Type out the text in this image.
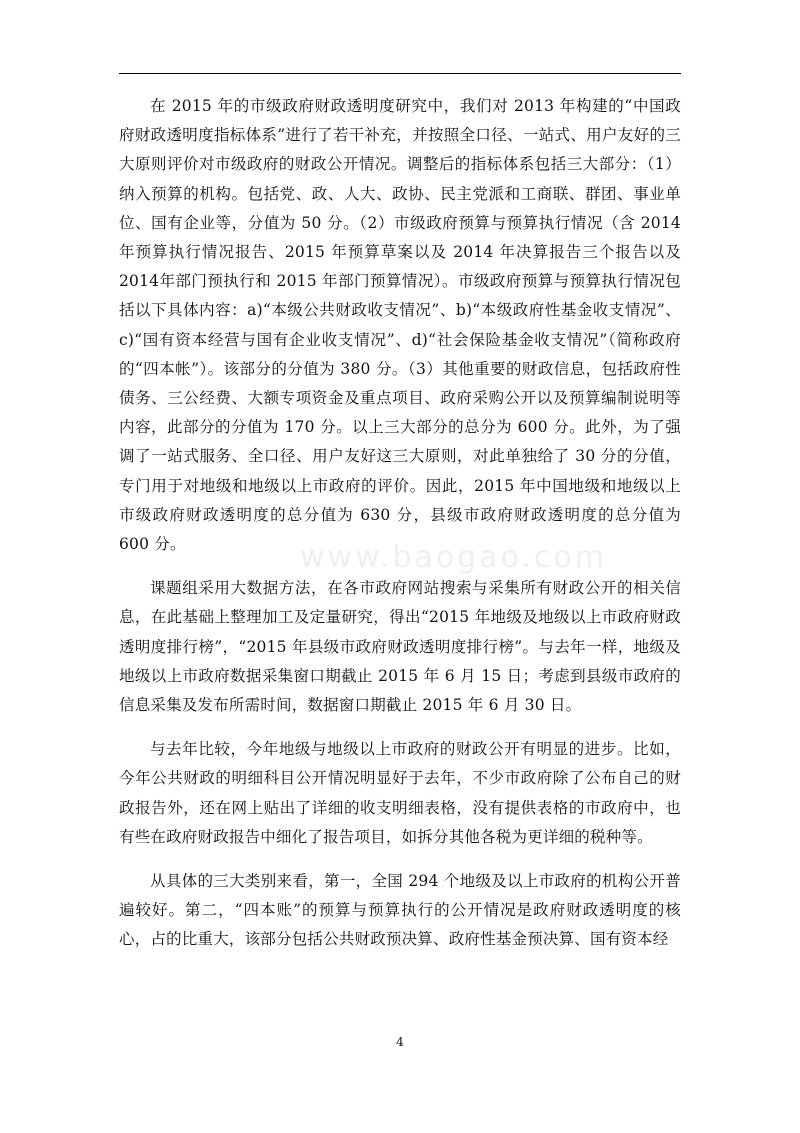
在 2015 年的市级政府财政透明度研究中，我们对 2013 年构建的“中国政府财政透明度指标体系”进行了若干补充，并按照全口径、一站式、用户友好的三大原则评价对市级政府的财政公开情况。调整后的指标体系包括三大部分：（1）纳入预算的机构。包括党、政、人大、政协、民主党派和工商联、群团、事业单位、国有企业等，分值为 50 分。（2）市级政府预算与预算执行情况（含 2014年预算执行情况报告、2015 年预算草案以及 2014 年决算报告三个报告以及 2014年部门预执行和 2015 年部门预算情况）。市级政府预算与预算执行情况包括以下具体内容：a)“本级公共财政收支情况”、b)“本级政府性基金收支情况”、c)“国有资本经营与国有企业收支情况”、d)“社会保险基金收支情况”（简称政府的“四本帐”）。该部分的分值为 380 分。（3）其他重要的财政信息，包括政府性债务、三公经费、大额专项资金及重点项目、政府采购公开以及预算编制说明等内容，此部分的分值为 170 分。以上三大部分的总分为 600 分。此外，为了强调了一站式服务、全口径、用户友好这三大原则，对此单独给了 30 分的分值，专门用于对地级和地级以上市政府的评价。因此，2015 年中国地级和地级以上市级政府财政透明度的总分值为 630 分，县级市政府财政透明度的总分值为 600 分。

课题组采用大数据方法，在各市政府网站搜索与采集所有财政公开的相关信息，在此基础上整理加工及定量研究，得出“2015 年地级及地级以上市政府财政透明度排行榜”，“2015 年县级市政府财政透明度排行榜”。与去年一样，地级及地级以上市政府数据采集窗口期截止 2015 年 6 月 15 日；考虑到县级市政府的信息采集及发布所需时间，数据窗口期截止 2015 年 6 月 30 日。

与去年比较，今年地级与地级以上市政府的财政公开有明显的进步。比如，今年公共财政的明细科目公开情况明显好于去年，不少市政府除了公布自己的财政报告外，还在网上贴出了详细的收支明细表格，没有提供表格的市政府中，也有些在政府财政报告中细化了报告项目，如拆分其他各税为更详细的税种等。

从具体的三大类别来看，第一，全国 294 个地级及以上市政府的机构公开普遍较好。第二，“四本账”的预算与预算执行的公开情况是政府财政透明度的核心，占的比重大，该部分包括公共财政预决算、政府性基金预决算、国有资本经

www.baogao.com
4
